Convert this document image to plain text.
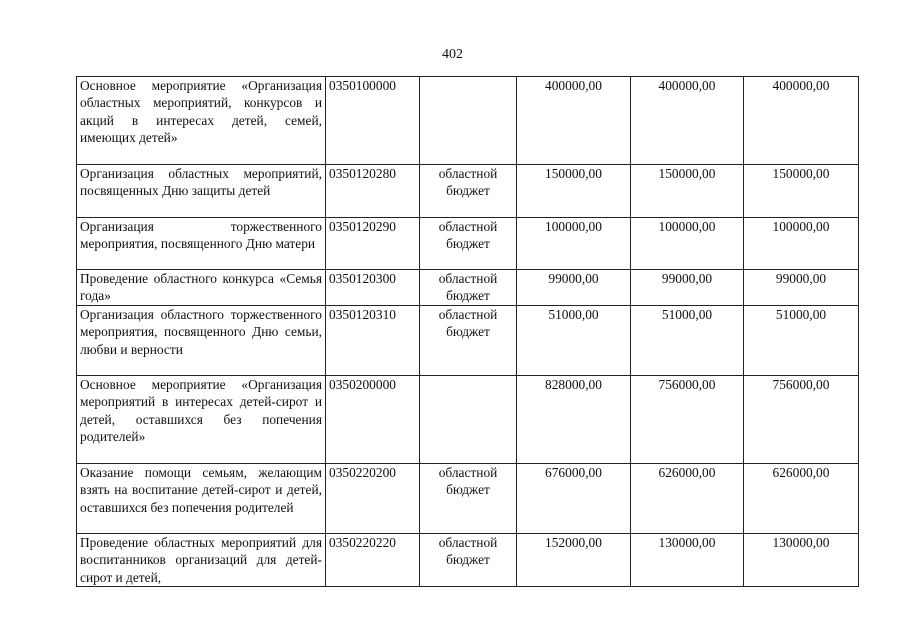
402
Основное мероприятие «Организация областных мероприятий, конкурсов и акций в интересах детей, семей, имеющих детей»	0350100000		400000,00	400000,00	400000,00
Организация областных мероприятий, посвященных Дню защиты детей	0350120280	областной бюджет	150000,00	150000,00	150000,00
Организация торжественного мероприятия, посвященного Дню матери	0350120290	областной бюджет	100000,00	100000,00	100000,00
Проведение областного конкурса «Семья года»	0350120300	областной бюджет	99000,00	99000,00	99000,00
Организация областного торжественного мероприятия, посвященного Дню семьи, любви и верности	0350120310	областной бюджет	51000,00	51000,00	51000,00
Основное мероприятие «Организация мероприятий в интересах детей-сирот и детей, оставшихся без попечения родителей»	0350200000		828000,00	756000,00	756000,00
Оказание помощи семьям, желающим взять на воспитание детей-сирот и детей, оставшихся без попечения родителей	0350220200	областной бюджет	676000,00	626000,00	626000,00
Проведение областных мероприятий для воспитанников организаций для детей-сирот и детей,	0350220220	областной бюджет	152000,00	130000,00	130000,00
